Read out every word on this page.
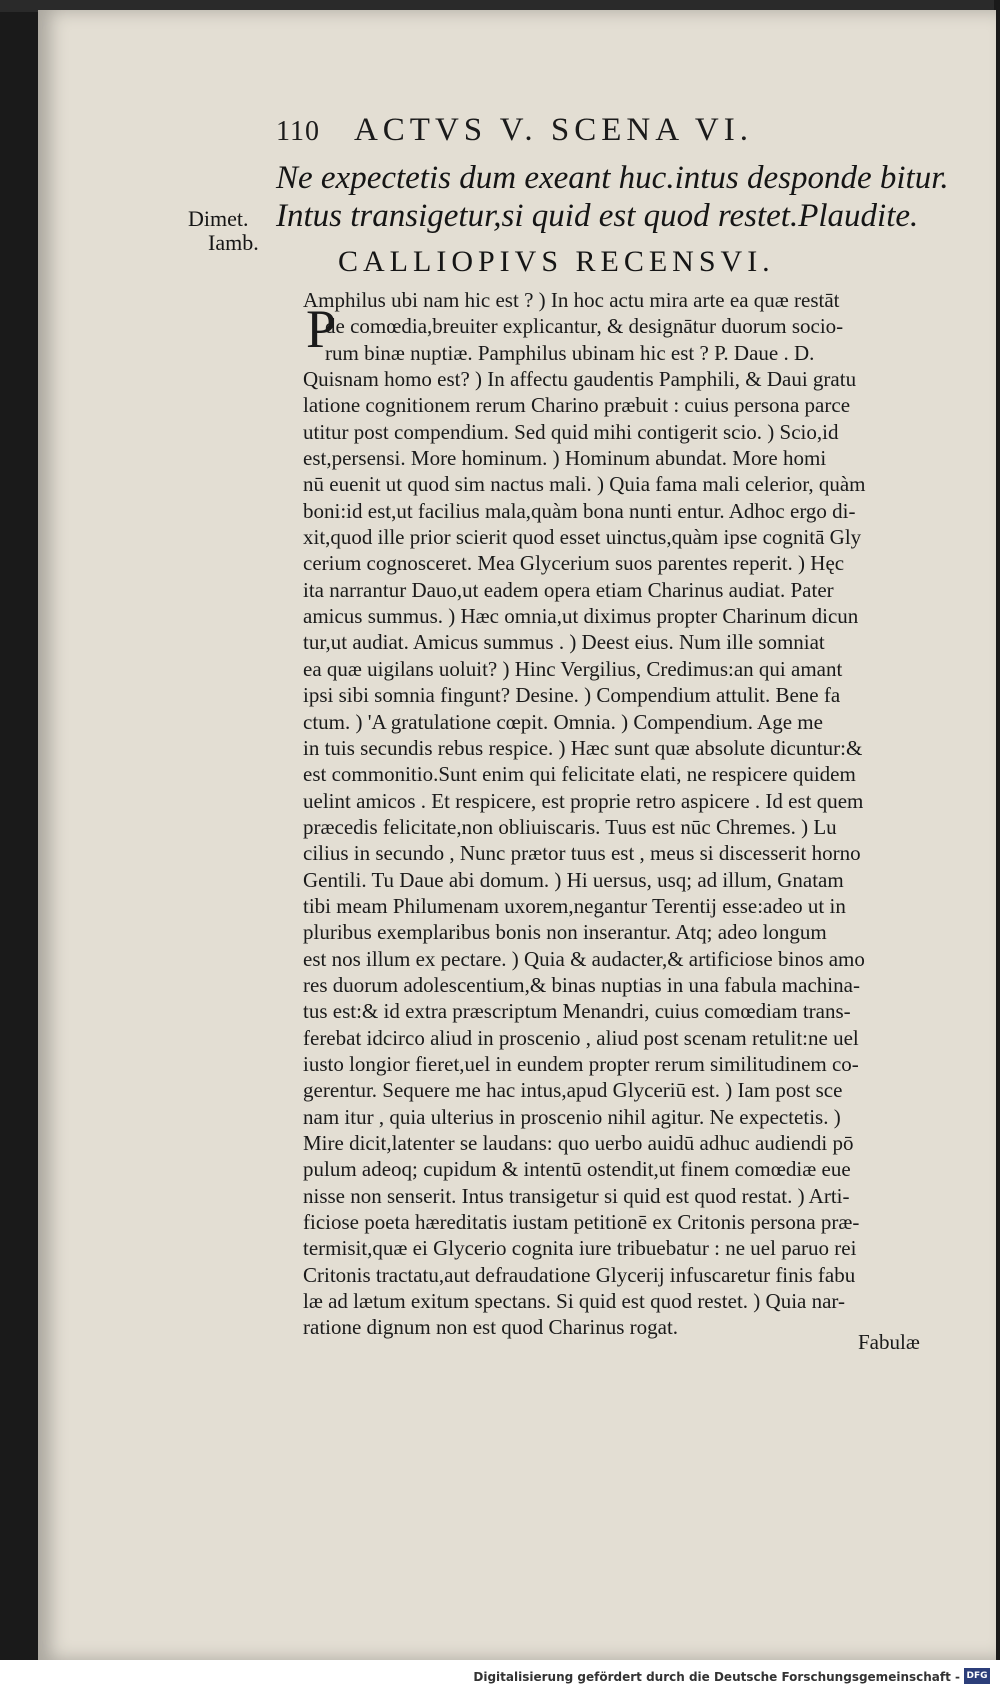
110 ACTVS V. SCENA VI.
Ne expectetis dum exeant huc.intus desponde bitur.
Intus transigetur,si quid est quod restet.Plaudite.
Dimet.
Iamb.
CALLIOPIVS RECENSVI.
P
Amphilus ubi nam hic est ? ) In hoc actu mira arte ea quæ restāt
de comœdia,breuiter explicantur, & designātur duorum socio-
rum binæ nuptiæ. Pamphilus ubinam hic est ? P. Daue . D.
Quisnam homo est? ) In affectu gaudentis Pamphili, & Daui gratu
latione cognitionem rerum Charino præbuit : cuius persona parce
utitur post compendium. Sed quid mihi contigerit scio. ) Scio,id
est,persensi. More hominum. ) Hominum abundat. More homi
nū euenit ut quod sim nactus mali. ) Quia fama mali celerior, quàm
boni:id est,ut facilius mala,quàm bona nunti entur. Adhoc ergo di-
xit,quod ille prior scierit quod esset uinctus,quàm ipse cognitā Gly
cerium cognosceret. Mea Glycerium suos parentes reperit. ) Hęc
ita narrantur Dauo,ut eadem opera etiam Charinus audiat. Pater
amicus summus. ) Hæc omnia,ut diximus propter Charinum dicun
tur,ut audiat. Amicus summus . ) Deest eius. Num ille somniat
ea quæ uigilans uoluit? ) Hinc Vergilius, Credimus:an qui amant
ipsi sibi somnia fingunt? Desine. ) Compendium attulit. Bene fa
ctum. ) 'A gratulatione cœpit. Omnia. ) Compendium. Age me
in tuis secundis rebus respice. ) Hæc sunt quæ absolute dicuntur:&
est commonitio.Sunt enim qui felicitate elati, ne respicere quidem
uelint amicos . Et respicere, est proprie retro aspicere . Id est quem
præcedis felicitate,non obliuiscaris. Tuus est nūc Chremes. ) Lu
cilius in secundo , Nunc prætor tuus est , meus si discesserit horno
Gentili. Tu Daue abi domum. ) Hi uersus, usq; ad illum, Gnatam
tibi meam Philumenam uxorem,negantur Terentij esse:adeo ut in
pluribus exemplaribus bonis non inserantur. Atq; adeo longum
est nos illum ex pectare. ) Quia & audacter,& artificiose binos amo
res duorum adolescentium,& binas nuptias in una fabula machina-
tus est:& id extra præscriptum Menandri, cuius comœdiam trans-
ferebat idcirco aliud in proscenio , aliud post scenam retulit:ne uel
iusto longior fieret,uel in eundem propter rerum similitudinem co-
gerentur. Sequere me hac intus,apud Glyceriū est. ) Iam post sce
nam itur , quia ulterius in proscenio nihil agitur. Ne expectetis. )
Mire dicit,latenter se laudans: quo uerbo auidū adhuc audiendi pō
pulum adeoq; cupidum & intentū ostendit,ut finem comœdiæ eue
nisse non senserit. Intus transigetur si quid est quod restat. ) Arti-
ficiose poeta hæreditatis iustam petitionē ex Critonis persona præ-
termisit,quæ ei Glycerio cognita iure tribuebatur : ne uel paruo rei
Critonis tractatu,aut defraudatione Glycerij infuscaretur finis fabu
læ ad lætum exitum spectans. Si quid est quod restet. ) Quia nar-
ratione dignum non est quod Charinus rogat.
Fabulæ
Digitalisierung gefördert durch die Deutsche Forschungsgemeinschaft - DFG
